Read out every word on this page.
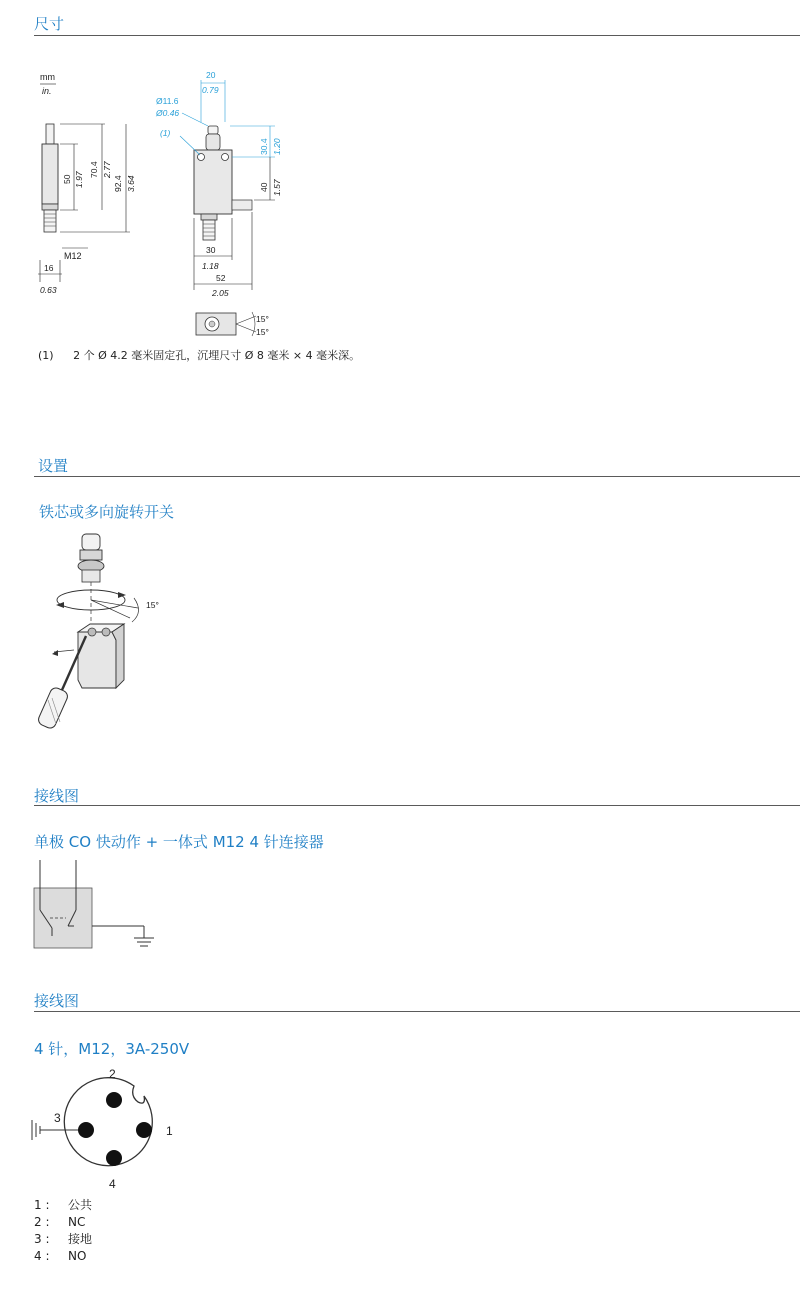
尺寸
mm
in.
50 1.97
70.4 2.77
92.4 3.64
M12
16
0.63
20
0.79
Ø11.6
Ø0.46
(1)
30.4 1.20
40 1.57
30
1.18
52
2.05
15°
15°
(1) 2 个 Ø 4.2 毫米固定孔，沉埋尺寸 Ø 8 毫米 × 4 毫米深。
设置
铁芯或多向旋转开关
15°
接线图
单极 CO 快动作 + 一体式 M12 4 针连接器
接线图
4 针，M12，3A-250V
2
1
3
4
1 :	公共
2 :	NC
3 :	接地
4 :	NO
